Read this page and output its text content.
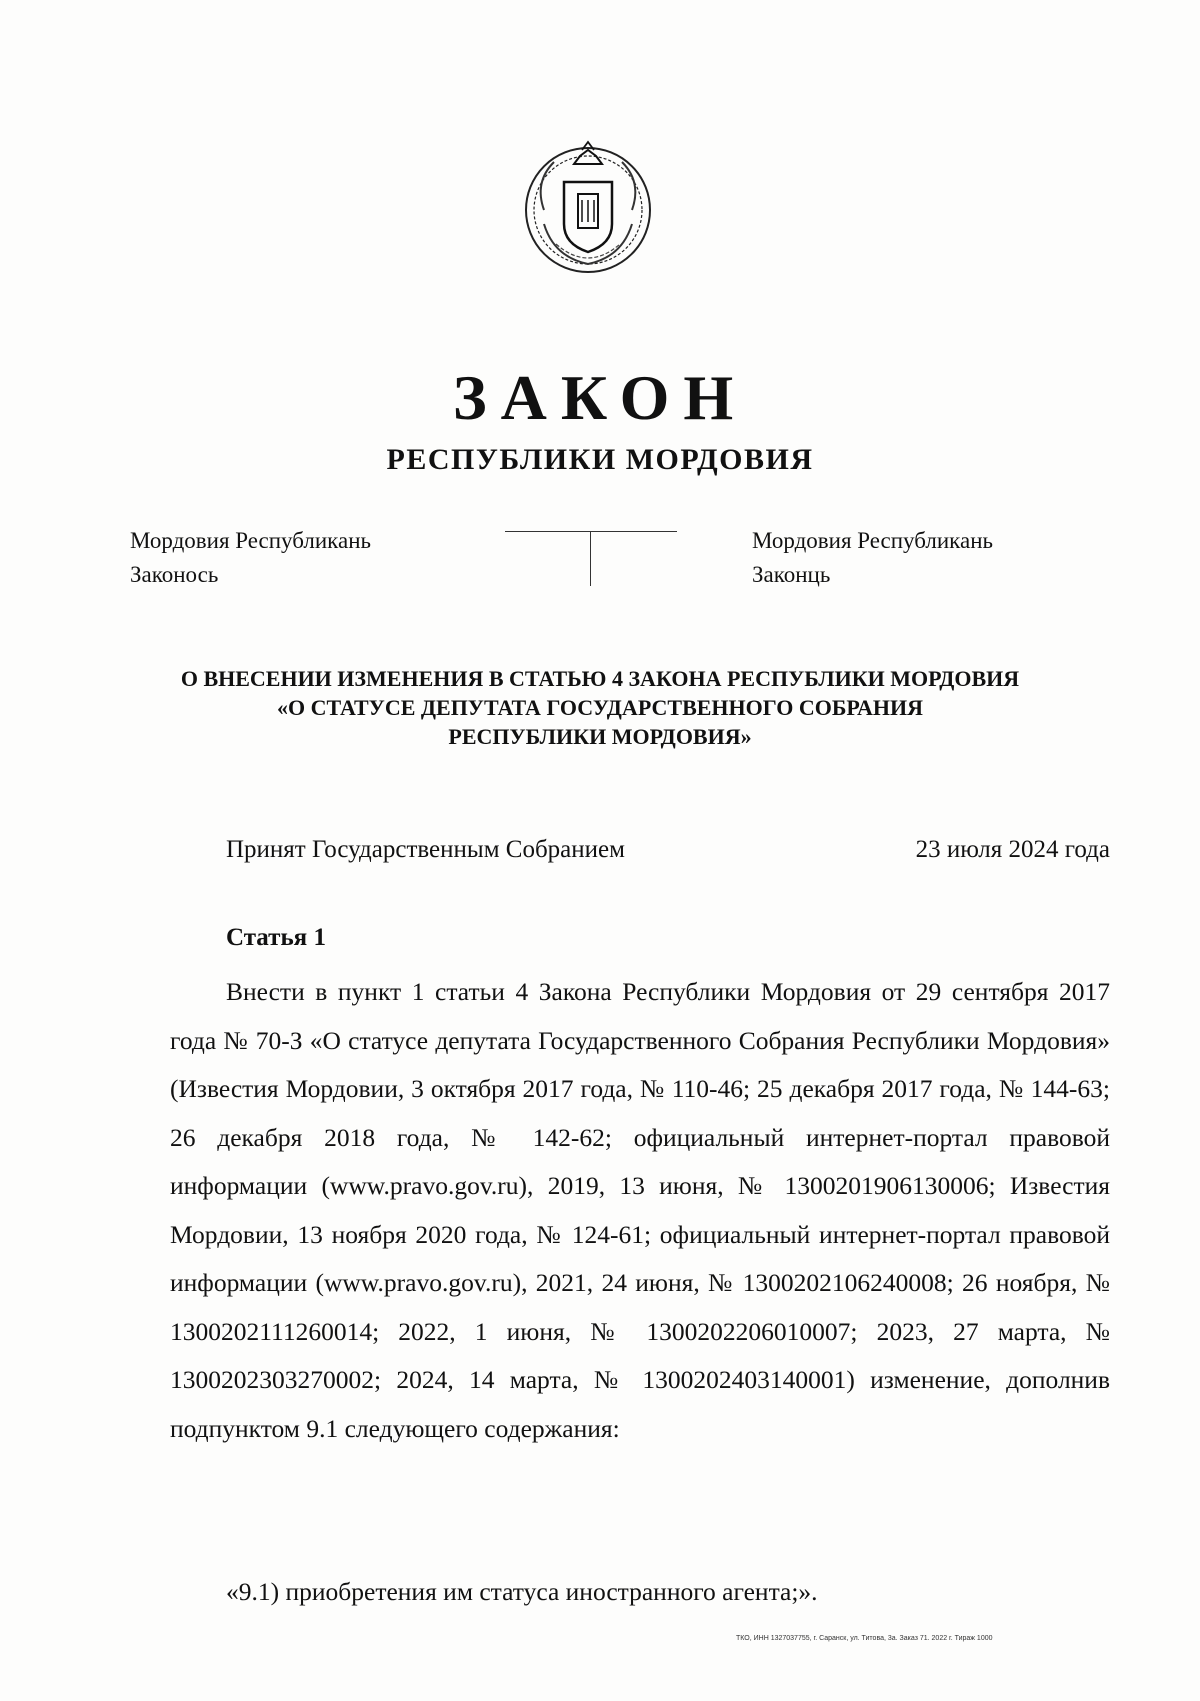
ЗАКОН
РЕСПУБЛИКИ МОРДОВИЯ
Мордовия Республикань
Законось
Мордовия Республикань
Законць
О ВНЕСЕНИИ ИЗМЕНЕНИЯ В СТАТЬЮ 4 ЗАКОНА РЕСПУБЛИКИ МОРДОВИЯ
«О СТАТУСЕ ДЕПУТАТА ГОСУДАРСТВЕННОГО СОБРАНИЯ
РЕСПУБЛИКИ МОРДОВИЯ»
Принят Государственным Собранием	23 июля 2024 года
Статья 1

Внести в пункт 1 статьи 4 Закона Республики Мордовия от 29 сентября 2017 года № 70-З «О статусе депутата Государственного Собрания Республики Мордовия» (Известия Мордовии, 3 октября 2017 года, № 110-46; 25 декабря 2017 года, № 144-63; 26 декабря 2018 года, № 142-62; официальный интернет-портал правовой информации (www.pravo.gov.ru), 2019, 13 июня, № 1300201906130006; Известия Мордовии, 13 ноября 2020 года, № 124-61; официальный интернет-портал правовой информации (www.pravo.gov.ru), 2021, 24 июня, № 1300202106240008; 26 ноября, № 1300202111260014; 2022, 1 июня, № 1300202206010007; 2023, 27 марта, № 1300202303270002; 2024, 14 марта, № 1300202403140001) изменение, дополнив подпунктом 9.1 следующего содержания:

«9.1) приобретения им статуса иностранного агента;».
ТКО, ИНН 1327037755, г. Саранск, ул. Титова, 3а. Заказ 71. 2022 г. Тираж 1000
